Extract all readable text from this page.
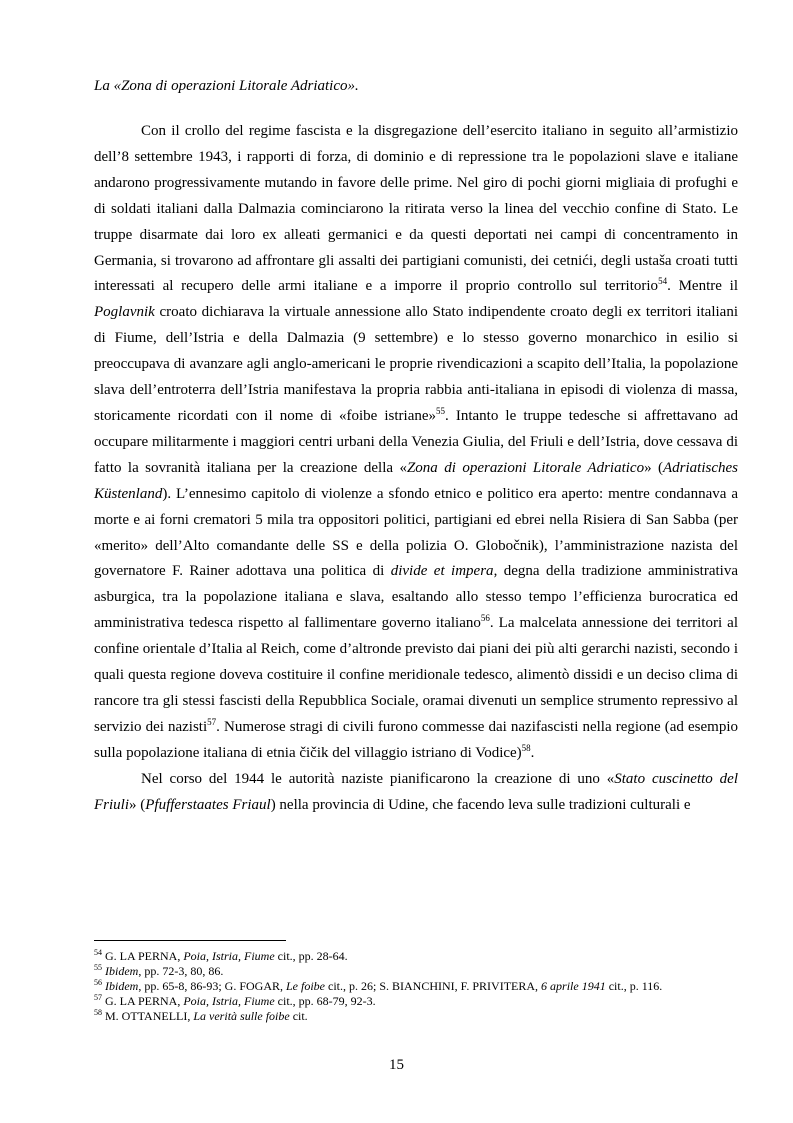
La «Zona di operazioni Litorale Adriatico».

Con il crollo del regime fascista e la disgregazione dell’esercito italiano in seguito all’armistizio dell’8 settembre 1943, i rapporti di forza, di dominio e di repressione tra le popolazioni slave e italiane andarono progressivamente mutando in favore delle prime. Nel giro di pochi giorni migliaia di profughi e di soldati italiani dalla Dalmazia cominciarono la ritirata verso la linea del vecchio confine di Stato. Le truppe disarmate dai loro ex alleati germanici e da questi deportati nei campi di concentramento in Germania, si trovarono ad affrontare gli assalti dei partigiani comunisti, dei cetnići, degli ustaša croati tutti interessati al recupero delle armi italiane e a imporre il proprio controllo sul territorio$^{54}$. Mentre il Poglavnik croato dichiarava la virtuale annessione allo Stato indipendente croato degli ex territori italiani di Fiume, dell’Istria e della Dalmazia (9 settembre) e lo stesso governo monarchico in esilio si preoccupava di avanzare agli anglo-americani le proprie rivendicazioni a scapito dell’Italia, la popolazione slava dell’entroterra dell’Istria manifestava la propria rabbia anti-italiana in episodi di violenza di massa, storicamente ricordati con il nome di «foibe istriane»$^{55}$. Intanto le truppe tedesche si affrettavano ad occupare militarmente i maggiori centri urbani della Venezia Giulia, del Friuli e dell’Istria, dove cessava di fatto la sovranità italiana per la creazione della «Zona di operazioni Litorale Adriatico» (Adriatisches Küstenland). L’ennesimo capitolo di violenze a sfondo etnico e politico era aperto: mentre condannava a morte e ai forni crematori 5 mila tra oppositori politici, partigiani ed ebrei nella Risiera di San Sabba (per «merito» dell’Alto comandante delle SS e della polizia O. Globočnik), l’amministrazione nazista del governatore F. Rainer adottava una politica di divide et impera, degna della tradizione amministrativa asburgica, tra la popolazione italiana e slava, esaltando allo stesso tempo l’efficienza burocratica ed amministrativa tedesca rispetto al fallimentare governo italiano$^{56}$. La malcelata annessione dei territori al confine orientale d’Italia al Reich, come d’altronde previsto dai piani dei più alti gerarchi nazisti, secondo i quali questa regione doveva costituire il confine meridionale tedesco, alimentò dissidi e un deciso clima di rancore tra gli stessi fascisti della Repubblica Sociale, oramai divenuti un semplice strumento repressivo al servizio dei nazisti$^{57}$. Numerose stragi di civili furono commesse dai nazifascisti nella regione (ad esempio sulla popolazione italiana di etnia čičik del villaggio istriano di Vodice)$^{58}$.

Nel corso del 1944 le autorità naziste pianificarono la creazione di uno «Stato cuscinetto del Friuli» (Pfufferstaates Friaul) nella provincia di Udine, che facendo leva sulle tradizioni culturali e

$^{54}$ G. LA PERNA, Poia, Istria, Fiume cit., pp. 28-64.
$^{55}$ Ibidem, pp. 72-3, 80, 86.
$^{56}$ Ibidem, pp. 65-8, 86-93; G. FOGAR, Le foibe cit., p. 26; S. BIANCHINI, F. PRIVITERA, 6 aprile 1941 cit., p. 116.
$^{57}$ G. LA PERNA, Poia, Istria, Fiume cit., pp. 68-79, 92-3.
$^{58}$ M. OTTANELLI, La verità sulle foibe cit.
15
